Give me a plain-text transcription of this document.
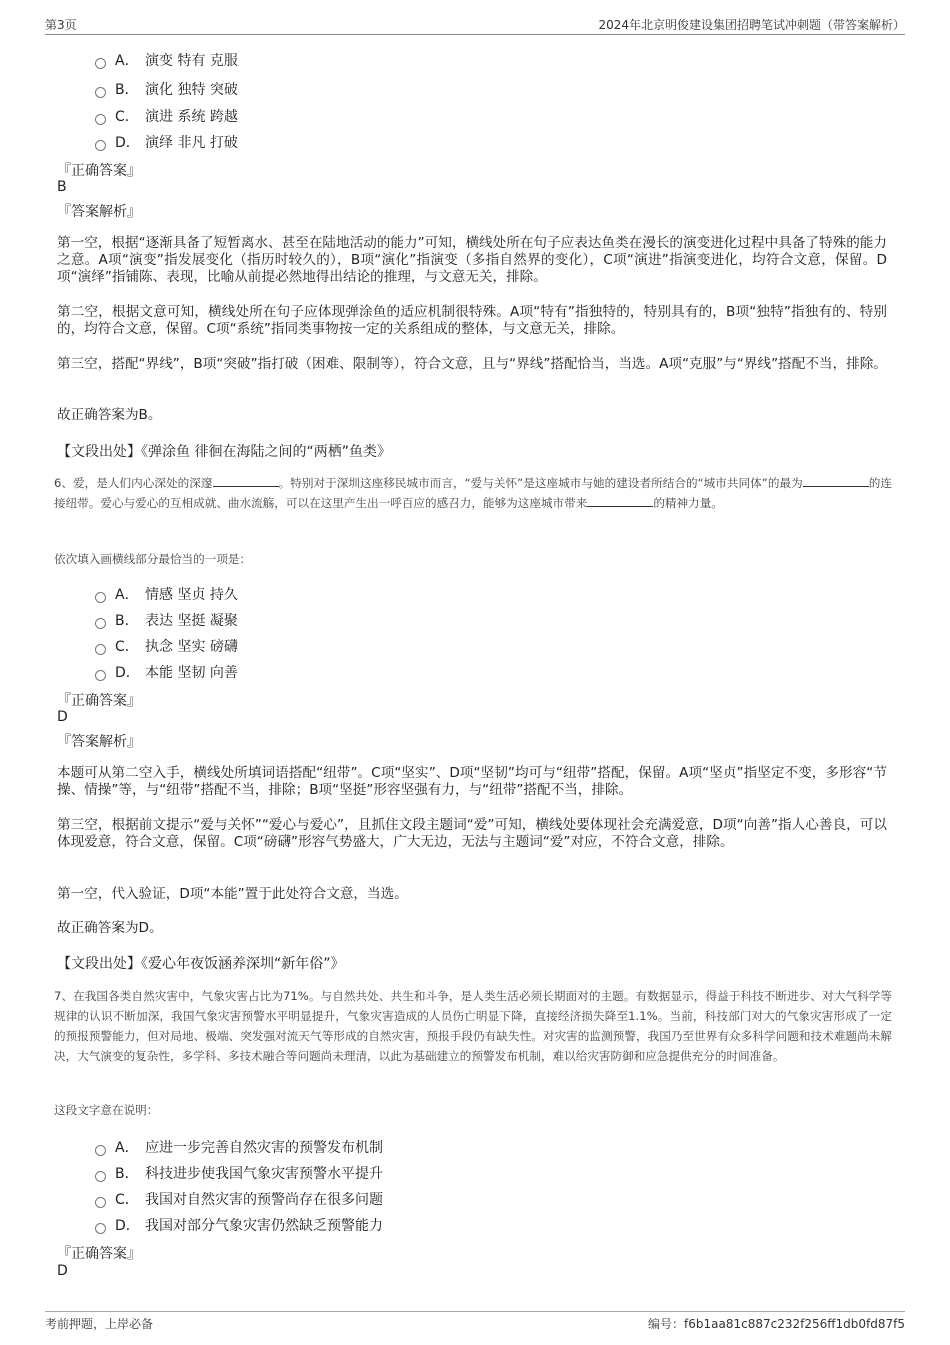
第3页	2024年北京明俊建设集团招聘笔试冲刺题（带答案解析）
A． 演变 特有 克服
B． 演化 独特 突破
C． 演进 系统 跨越
D． 演绎 非凡 打破
『正确答案』
B
『答案解析』
第一空，根据“逐渐具备了短暂离水、甚至在陆地活动的能力”可知，横线处所在句子应表达鱼类在漫长的演变进化过程中具备了特殊的能力之意。A项“演变”指发展变化（指历时较久的），B项“演化”指演变（多指自然界的变化），C项“演进”指演变进化，均符合文意，保留。D项“演绎”指铺陈、表现，比喻从前提必然地得出结论的推理，与文意无关，排除。
第二空，根据文意可知，横线处所在句子应体现弹涂鱼的适应机制很特殊。A项“特有”指独特的，特别具有的，B项“独特”指独有的、特别的，均符合文意，保留。C项“系统”指同类事物按一定的关系组成的整体，与文意无关，排除。
第三空，搭配“界线”，B项“突破”指打破（困难、限制等），符合文意，且与“界线”搭配恰当，当选。A项“克服”与“界线”搭配不当，排除。
故正确答案为B。
【文段出处】《弹涂鱼 徘徊在海陆之间的“两栖”鱼类》
6、爱，是人们内心深处的深邃	。特别对于深圳这座移民城市而言，“爱与关怀”是这座城市与她的建设者所结合的“城市共同体”的最为	的连接纽带。爱心与爱心的互相成就、曲水流觞，可以在这里产生出一呼百应的感召力，能够为这座城市带来	的精神力量。
依次填入画横线部分最恰当的一项是：
A． 情感 坚贞 持久
B． 表达 坚挺 凝聚
C． 执念 坚实 磅礴
D． 本能 坚韧 向善
『正确答案』
D
『答案解析』
本题可从第二空入手，横线处所填词语搭配“纽带”。C项“坚实”、D项“坚韧”均可与“纽带”搭配，保留。A项“坚贞”指坚定不变，多形容“节操、情操”等，与“纽带”搭配不当，排除；B项“坚挺”形容坚强有力，与“纽带”搭配不当，排除。
第三空，根据前文提示“爱与关怀”“爱心与爱心”，且抓住文段主题词“爱”可知，横线处要体现社会充满爱意，D项“向善”指人心善良，可以体现爱意，符合文意，保留。C项“磅礴”形容气势盛大，广大无边，无法与主题词“爱”对应，不符合文意，排除。
第一空，代入验证，D项“本能”置于此处符合文意，当选。
故正确答案为D。
【文段出处】《爱心年夜饭涵养深圳“新年俗”》
7、在我国各类自然灾害中，气象灾害占比为71%。与自然共处、共生和斗争，是人类生活必须长期面对的主题。有数据显示，得益于科技不断进步、对大气科学等规律的认识不断加深，我国气象灾害预警水平明显提升，气象灾害造成的人员伤亡明显下降，直接经济损失降至1.1%。当前，科技部门对大的气象灾害形成了一定的预报预警能力，但对局地、极端、突发强对流天气等形成的自然灾害，预报手段仍有缺失性。对灾害的监测预警，我国乃至世界有众多科学问题和技术难题尚未解决，大气演变的复杂性，多学科、多技术融合等问题尚未理清，以此为基础建立的预警发布机制，难以给灾害防御和应急提供充分的时间准备。
这段文字意在说明：
A． 应进一步完善自然灾害的预警发布机制
B． 科技进步使我国气象灾害预警水平提升
C． 我国对自然灾害的预警尚存在很多问题
D． 我国对部分气象灾害仍然缺乏预警能力
『正确答案』
D
考前押题，上岸必备	编号：f6b1aa81c887c232f256ff1db0fd87f5
